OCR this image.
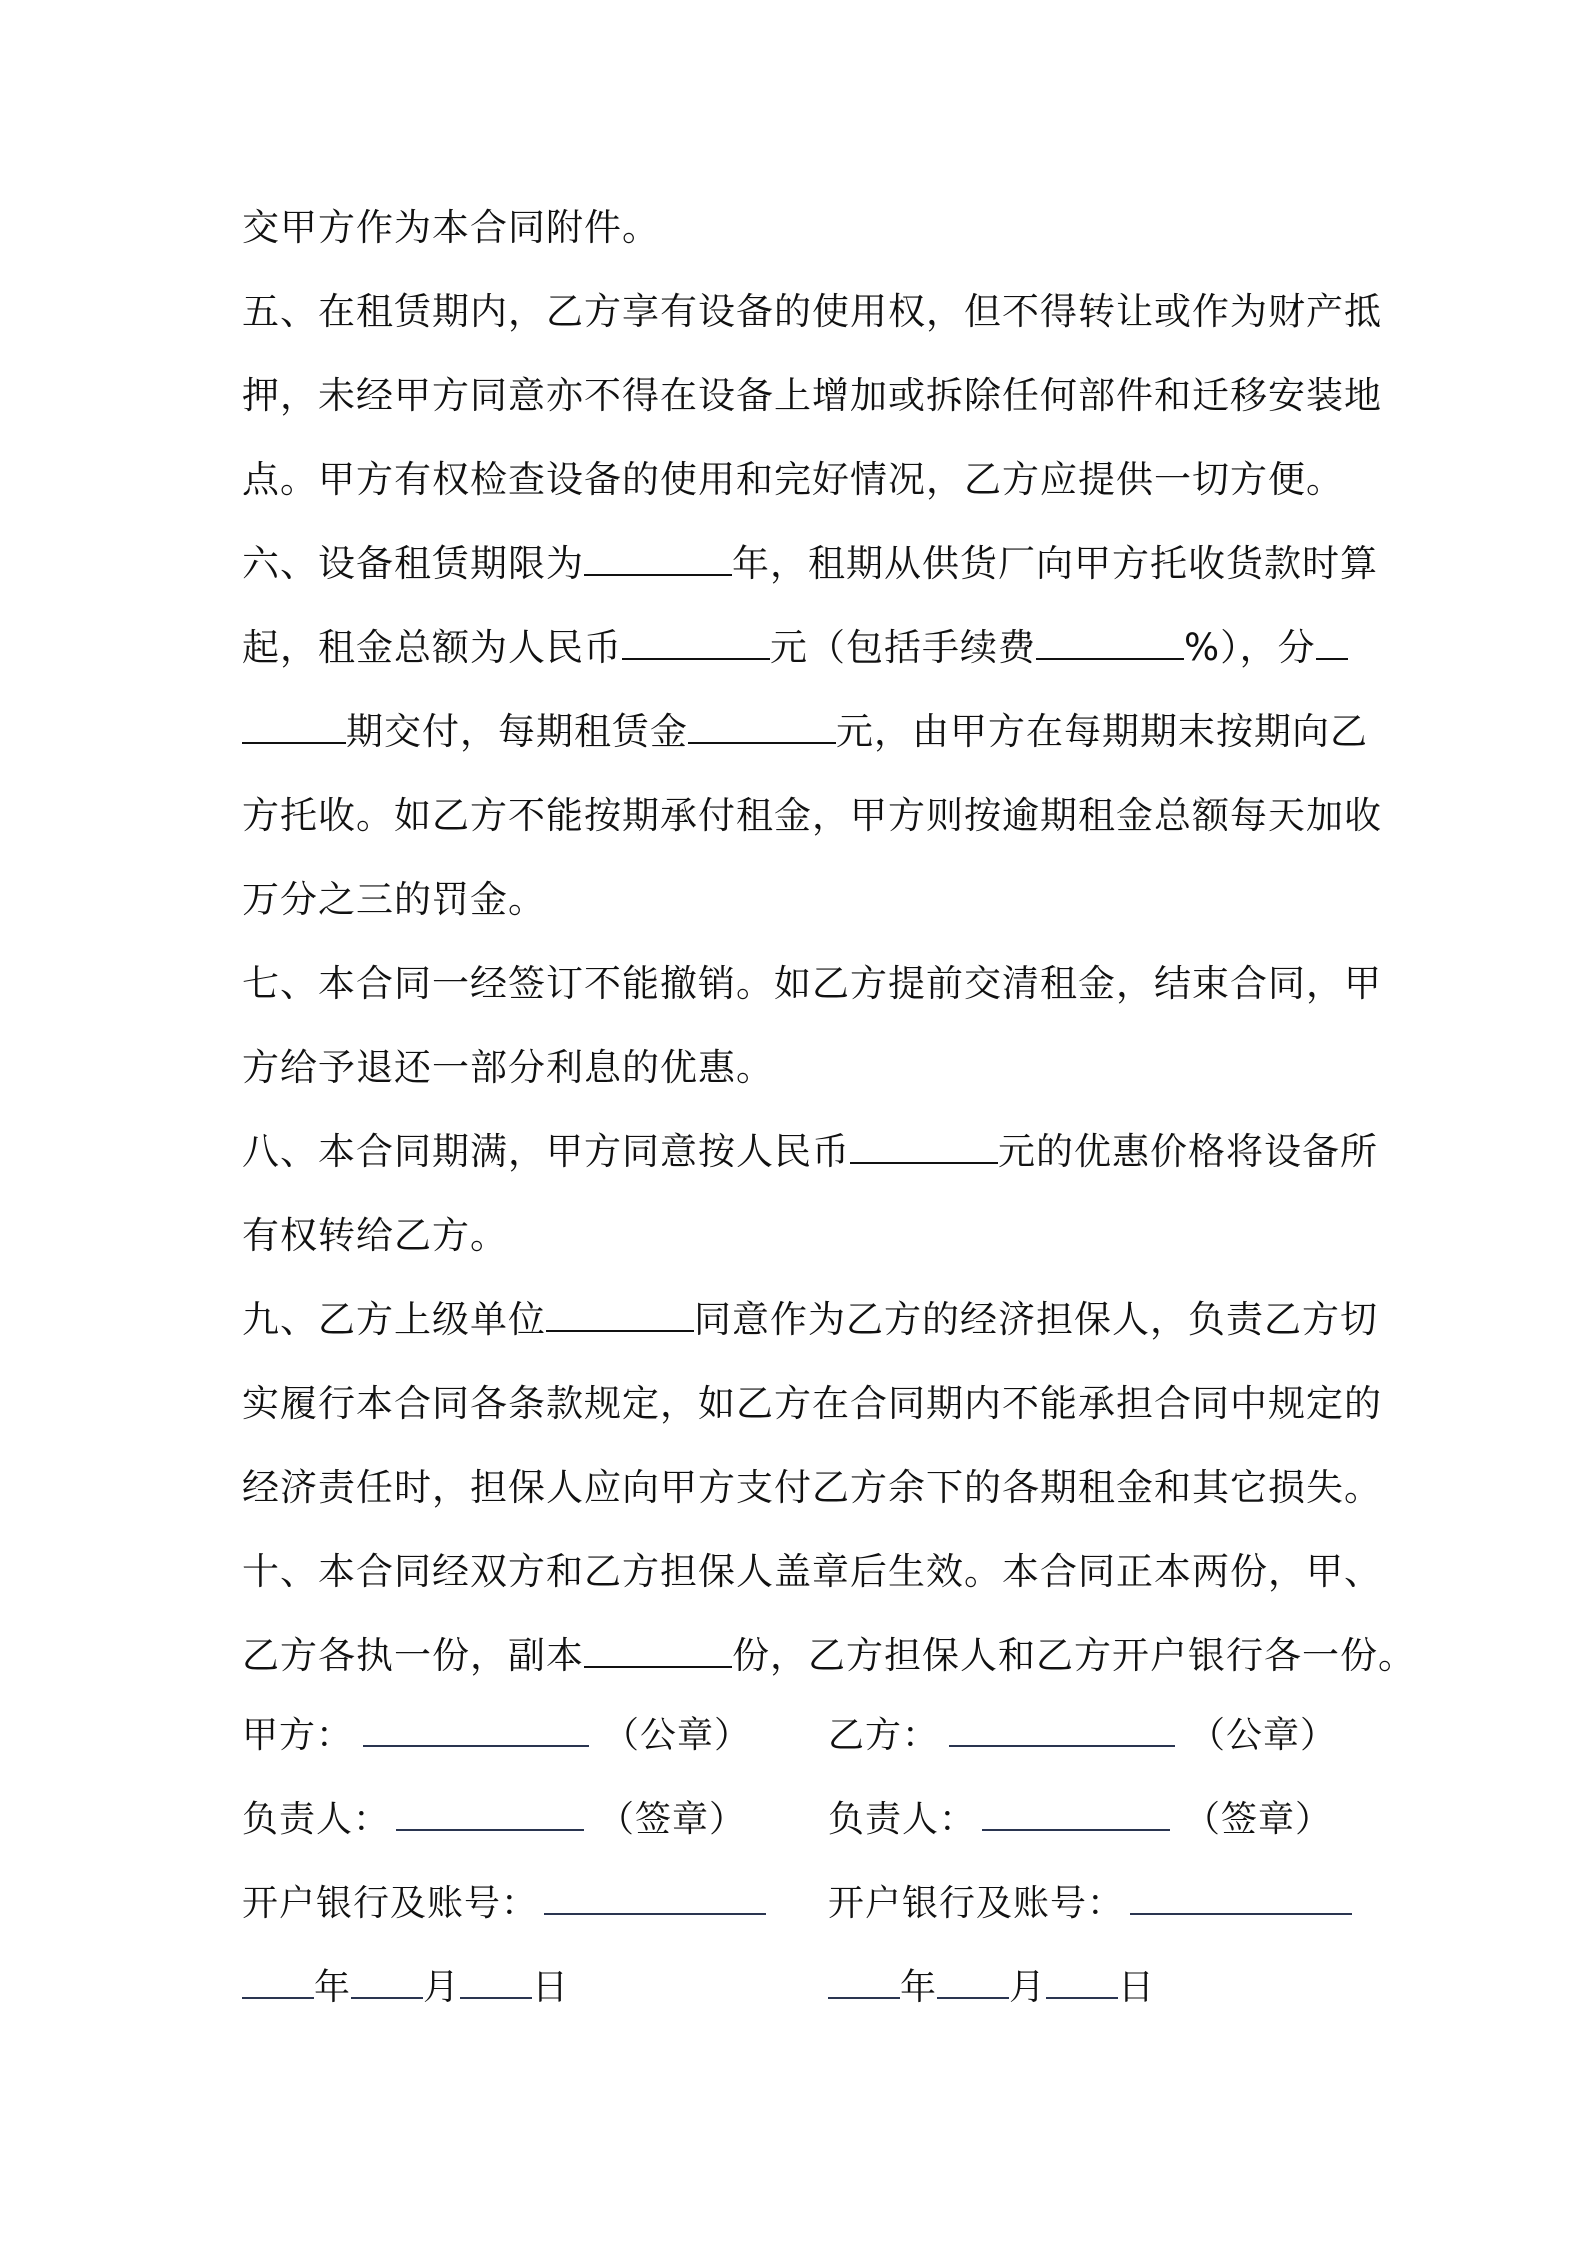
交甲方作为本合同附件。
五、在租赁期内，乙方享有设备的使用权，但不得转让或作为财产抵
押，未经甲方同意亦不得在设备上增加或拆除任何部件和迁移安装地
点。甲方有权检查设备的使用和完好情况，乙方应提供一切方便。
六、设备租赁期限为	年，租期从供货厂向甲方托收货款时算
起，租金总额为人民币	元（包括手续费	%），分
期交付，每期租赁金	元，由甲方在每期期末按期向乙
方托收。如乙方不能按期承付租金，甲方则按逾期租金总额每天加收
万分之三的罚金。
七、本合同一经签订不能撤销。如乙方提前交清租金，结束合同，甲
方给予退还一部分利息的优惠。
八、本合同期满，甲方同意按人民币	元的优惠价格将设备所
有权转给乙方。
九、乙方上级单位	同意作为乙方的经济担保人，负责乙方切
实履行本合同各条款规定，如乙方在合同期内不能承担合同中规定的
经济责任时，担保人应向甲方支付乙方余下的各期租金和其它损失。
十、本合同经双方和乙方担保人盖章后生效。本合同正本两份，甲、
乙方各执一份，副本	份，乙方担保人和乙方开户银行各一份。
甲方：	（公章）
负责人：	（签章）
开户银行及账号：
年 月 日
乙方：	（公章）
负责人：	（签章）
开户银行及账号：
年 月 日
